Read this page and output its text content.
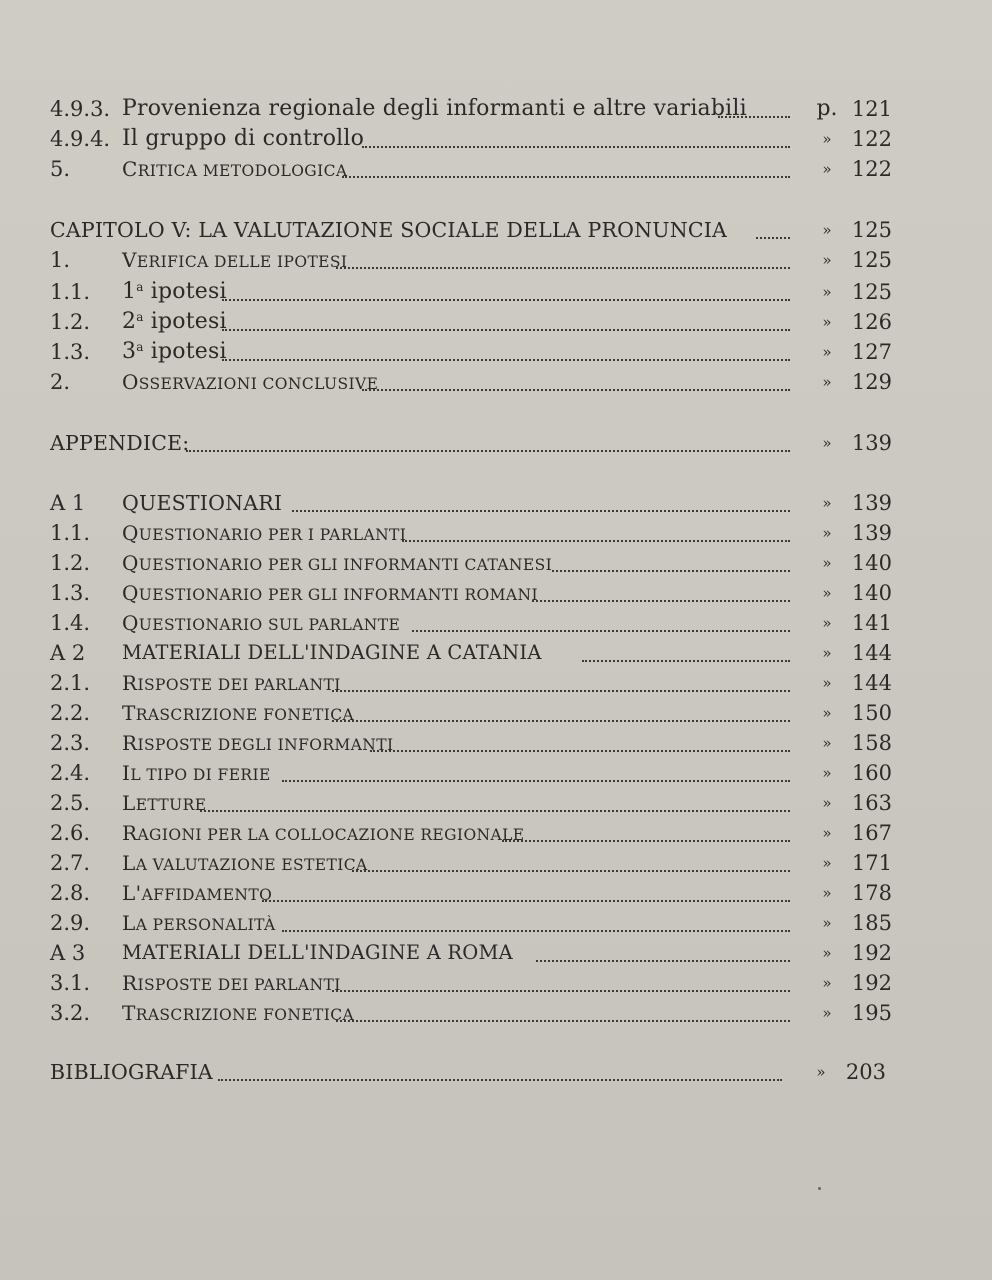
4.9.3. Provenienza regionale degli informanti e altre variabili	p. 121
4.9.4. Il gruppo di controllo	» 122
5.	CRITICA METODOLOGICA	» 122
CAPITOLO V: LA VALUTAZIONE SOCIALE DELLA PRONUNCIA	» 125
1.	VERIFICA DELLE IPOTESI	» 125
1.1. 1$^a$ ipotesi	» 125
1.2. 2$^a$ ipotesi	» 126
1.3. 3$^a$ ipotesi	» 127
2.	OSSERVAZIONI CONCLUSIVE	» 129
APPENDICE:	» 139
A 1 QUESTIONARI	» 139
1.1. QUESTIONARIO PER I PARLANTI	» 139
1.2. QUESTIONARIO PER GLI INFORMANTI CATANESI	» 140
1.3. QUESTIONARIO PER GLI INFORMANTI ROMANI	» 140
1.4. QUESTIONARIO SUL PARLANTE	» 141
A 2 MATERIALI DELL'INDAGINE A CATANIA	» 144
2.1. RISPOSTE DEI PARLANTI	» 144
2.2. TRASCRIZIONE FONETICA	» 150
2.3. RISPOSTE DEGLI INFORMANTI	» 158
2.4. IL TIPO DI FERIE	» 160
2.5. LETTURE	» 163
2.6. RAGIONI PER LA COLLOCAZIONE REGIONALE	» 167
2.7. LA VALUTAZIONE ESTETICA	» 171
2.8. L'AFFIDAMENTO	» 178
2.9. LA PERSONALITÀ	» 185
A 3 MATERIALI DELL'INDAGINE A ROMA	» 192
3.1. RISPOSTE DEI PARLANTI	» 192
3.2. TRASCRIZIONE FONETICA	» 195
BIBLIOGRAFIA	» 203
